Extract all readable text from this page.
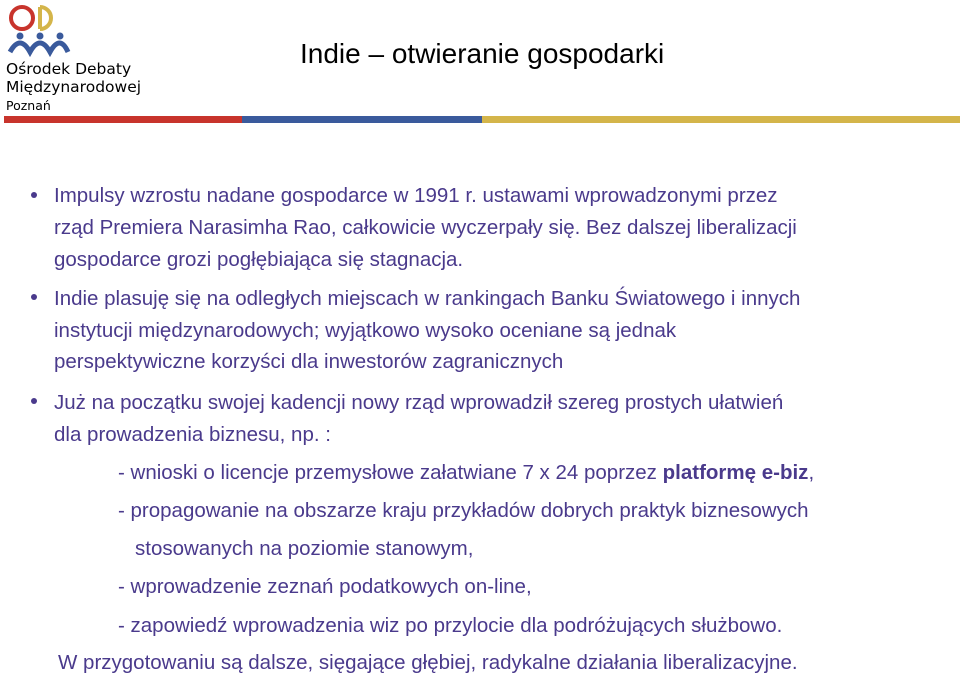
Ośrodek Debaty
Międzynarodowej
Poznań
Indie – otwieranie gospodarki
Impulsy wzrostu nadane gospodarce w 1991 r. ustawami wprowadzonymi przez
rząd Premiera Narasimha Rao, całkowicie wyczerpały się. Bez dalszej liberalizacji
gospodarce grozi pogłębiająca się stagnacja.
Indie plasuję się na odległych miejscach w rankingach Banku Światowego i innych
instytucji międzynarodowych; wyjątkowo wysoko oceniane są jednak
perspektywiczne korzyści dla inwestorów zagranicznych
Już na początku swojej kadencji nowy rząd wprowadził szereg prostych ułatwień
dla prowadzenia biznesu, np. :
- wnioski o licencje przemysłowe załatwiane 7 x 24 poprzez platformę e-biz,
- propagowanie na obszarze kraju przykładów dobrych praktyk biznesowych
stosowanych na poziomie stanowym,
- wprowadzenie zeznań podatkowych on-line,
- zapowiedź wprowadzenia wiz po przylocie dla podróżujących służbowo.
W przygotowaniu są dalsze, sięgające głębiej, radykalne działania liberalizacyjne.
